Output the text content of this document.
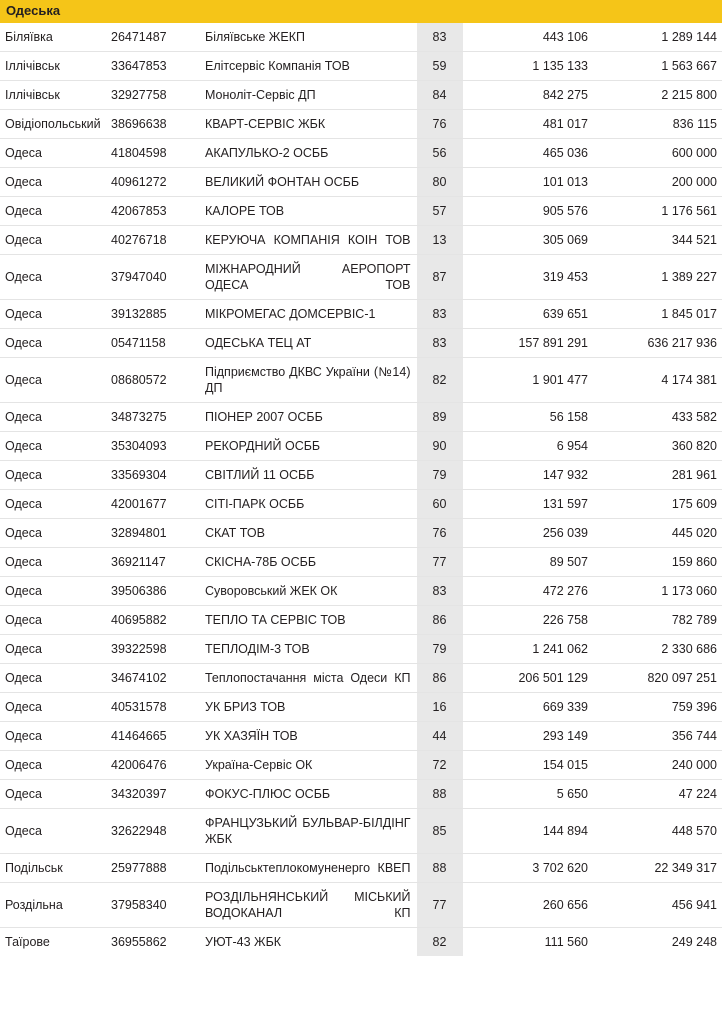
Одеська
Біляївка	26471487	Біляївське ЖЕКП	83	443 106	1 289 144
Іллічівськ	33647853	Елітсервіс Компанія ТОВ	59	1 135 133	1 563 667
Іллічівськ	32927758	Моноліт-Сервіс ДП	84	842 275	2 215 800
Овідіопольський	38696638	КВАРТ-СЕРВІС ЖБК	76	481 017	836 115
Одеса	41804598	АКАПУЛЬКО-2 ОСББ	56	465 036	600 000
Одеса	40961272	ВЕЛИКИЙ ФОНТАН ОСББ	80	101 013	200 000
Одеса	42067853	КАЛОРЕ ТОВ	57	905 576	1 176 561
Одеса	40276718	КЕРУЮЧА КОМПАНІЯ КОІН ТОВ	13	305 069	344 521
Одеса	37947040	МІЖНАРОДНИЙ АЕРОПОРТ ОДЕСА ТОВ	87	319 453	1 389 227
Одеса	39132885	МІКРОМЕГАС ДОМСЕРВІС-1	83	639 651	1 845 017
Одеса	05471158	ОДЕСЬКА ТЕЦ АТ	83	157 891 291	636 217 936
Одеса	08680572	Підприємство ДКВС України (№14) ДП	82	1 901 477	4 174 381
Одеса	34873275	ПІОНЕР 2007 ОСББ	89	56 158	433 582
Одеса	35304093	РЕКОРДНИЙ ОСББ	90	6 954	360 820
Одеса	33569304	СВІТЛИЙ 11 ОСББ	79	147 932	281 961
Одеса	42001677	СІТІ-ПАРК ОСББ	60	131 597	175 609
Одеса	32894801	СКАТ ТОВ	76	256 039	445 020
Одеса	36921147	СКІСНА-78Б ОСББ	77	89 507	159 860
Одеса	39506386	Суворовський ЖЕК ОК	83	472 276	1 173 060
Одеса	40695882	ТЕПЛО ТА СЕРВІС ТОВ	86	226 758	782 789
Одеса	39322598	ТЕПЛОДІМ-3 ТОВ	79	1 241 062	2 330 686
Одеса	34674102	Теплопостачання міста Одеси КП	86	206 501 129	820 097 251
Одеса	40531578	УК БРИЗ ТОВ	16	669 339	759 396
Одеса	41464665	УК ХАЗЯЇН ТОВ	44	293 149	356 744
Одеса	42006476	Україна-Сервіс ОК	72	154 015	240 000
Одеса	34320397	ФОКУС-ПЛЮС ОСББ	88	5 650	47 224
Одеса	32622948	ФРАНЦУЗЬКИЙ БУЛЬВАР-БІЛДІНГ ЖБК	85	144 894	448 570
Подільськ	25977888	Подільськтеплокомуненерго КВЕП	88	3 702 620	22 349 317
Роздільна	37958340	РОЗДІЛЬНЯНСЬКИЙ МІСЬКИЙ ВОДОКАНАЛ КП	77	260 656	456 941
Таїрове	36955862	УЮТ-43 ЖБК	82	111 560	249 248
